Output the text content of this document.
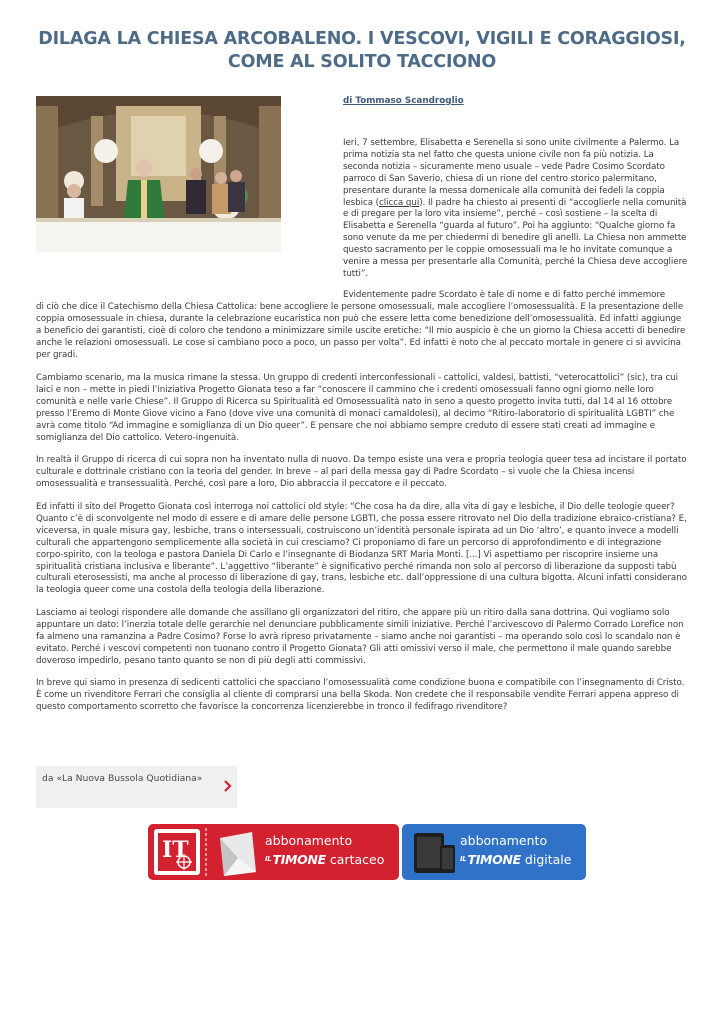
DILAGA LA CHIESA ARCOBALENO. I VESCOVI, VIGILI E CORAGGIOSI, COME AL SOLITO TACCIONO

di Tommaso Scandroglio

Ieri, 7 settembre, Elisabetta e Serenella si sono unite civilmente a Palermo. La prima notizia sta nel fatto che questa unione civile non fa più notizia. La seconda notizia – sicuramente meno usuale – vede Padre Cosimo Scordato parroco di San Saverio, chiesa di un rione del centro storico palermitano, presentare durante la messa domenicale alla comunità dei fedeli la coppia lesbica (clicca qui). Il padre ha chiesto ai presenti di “accoglierle nella comunità e di pregare per la loro vita insieme”, perché – così sostiene – la scelta di Elisabetta e Serenella “guarda al futuro”. Poi ha aggiunto: “Qualche giorno fa sono venute da me per chiedermi di benedire gli anelli. La Chiesa non ammette questo sacramento per le coppie omosessuali ma le ho invitate comunque a venire a messa per presentarle alla Comunità, perché la Chiesa deve accogliere tutti”.

Evidentemente padre Scordato è tale di nome e di fatto perché immemore
di ciò che dice il Catechismo della Chiesa Cattolica: bene accogliere le persone omosessuali, male accogliere l’omosessualità. E la presentazione delle coppia omosessuale in chiesa, durante la celebrazione eucaristica non può che essere letta come benedizione dell’omosessualità. Ed infatti aggiunge a beneficio dei garantisti, cioè di coloro che tendono a minimizzare simile uscite eretiche: “Il mio auspicio è che un giorno la Chiesa accetti di benedire anche le relazioni omosessuali. Le cose si cambiano poco a poco, un passo per volta”. Ed infatti è noto che al peccato mortale in genere ci si avvicina per gradi.

Cambiamo scenario, ma la musica rimane la stessa. Un gruppo di credenti interconfessionali - cattolici, valdesi, battisti, “veterocattolici” (sic), tra cui laici e non – mette in piedi l’iniziativa Progetto Gionata teso a far “conoscere il cammino che i credenti omosessuali fanno ogni giorno nelle loro comunità e nelle varie Chiese”. Il Gruppo di Ricerca su Spiritualità ed Omosessualità nato in seno a questo progetto invita tutti, dal 14 al 16 ottobre presso l’Eremo di Monte Giove vicino a Fano (dove vive una comunità di monaci camaldolesi), al decimo “Ritiro-laboratorio di spiritualità LGBTI” che avrà come titolo “Ad immagine e somiglianza di un Dio queer”. E pensare che noi abbiamo sempre creduto di essere stati creati ad immagine e somiglianza del Dio cattolico. Vetero-ingenuità.

In realtà il Gruppo di ricerca di cui sopra non ha inventato nulla di nuovo. Da tempo esiste una vera e propria teologia queer tesa ad incistare il portato culturale e dottrinale cristiano con la teoria del gender. In breve – al pari della messa gay di Padre Scordato – si vuole che la Chiesa incensi omosessualità e transessualità. Perché, così pare a loro, Dio abbraccia il peccatore e il peccato.

Ed infatti il sito del Progetto Gionata così interroga noi cattolici old style: “Che cosa ha da dire, alla vita di gay e lesbiche, il Dio delle teologie queer? Quanto c’è di sconvolgente nel modo di essere e di amare delle persone LGBTI, che possa essere ritrovato nel Dio della tradizione ebraico-cristiana? E, viceversa, in quale misura gay, lesbiche, trans o intersessuali, costruiscono un’identità personale ispirata ad un Dio ‘altro’, e quanto invece a modelli culturali che appartengono semplicemente alla società in cui cresciamo? Ci proponiamo di fare un percorso di approfondimento e di integrazione corpo-spirito, con la teologa e pastora Daniela Di Carlo e l’insegnante di Biodanza SRT Maria Monti. [...] Vi aspettiamo per riscoprire insieme una spiritualità cristiana inclusiva e liberante”. L’aggettivo “liberante” è significativo perché rimanda non solo al percorso di liberazione da supposti tabù culturali eterosessisti, ma anche al processo di liberazione di gay, trans, lesbiche etc. dall’oppressione di una cultura bigotta. Alcuni infatti considerano la teologia queer come una costola della teologia della liberazione.

Lasciamo ai teologi rispondere alle domande che assillano gli organizzatori del ritiro, che appare più un ritiro dalla sana dottrina. Qui vogliamo solo appuntare un dato: l’inerzia totale delle gerarchie nel denunciare pubblicamente simili iniziative. Perché l’arcivescovo di Palermo Corrado Lorefice non fa almeno una ramanzina a Padre Cosimo? Forse lo avrà ripreso privatamente – siamo anche noi garantisti – ma operando solo così lo scandalo non è evitato. Perché i vescovi competenti non tuonano contro il Progetto Gionata? Gli atti omissivi verso il male, che permettono il male quando sarebbe doveroso impedirlo, pesano tanto quanto se non di più degli atti commissivi.

In breve qui siamo in presenza di sedicenti cattolici che spacciano l’omosessualità come condizione buona e compatibile con l’insegnamento di Cristo. È come un rivenditore Ferrari che consiglia al cliente di comprarsi una bella Skoda. Non credete che il responsabile vendite Ferrari appena appreso di questo comportamento scorretto che favorisce la concorrenza licenzierebbe in tronco il fedifrago rivenditore?

da «La Nuova Bussola Quotidiana»
IT	abbonamento
$^{IL}$TIMONE cartaceo
abbonamento
$^{IL}$TIMONE digitale
